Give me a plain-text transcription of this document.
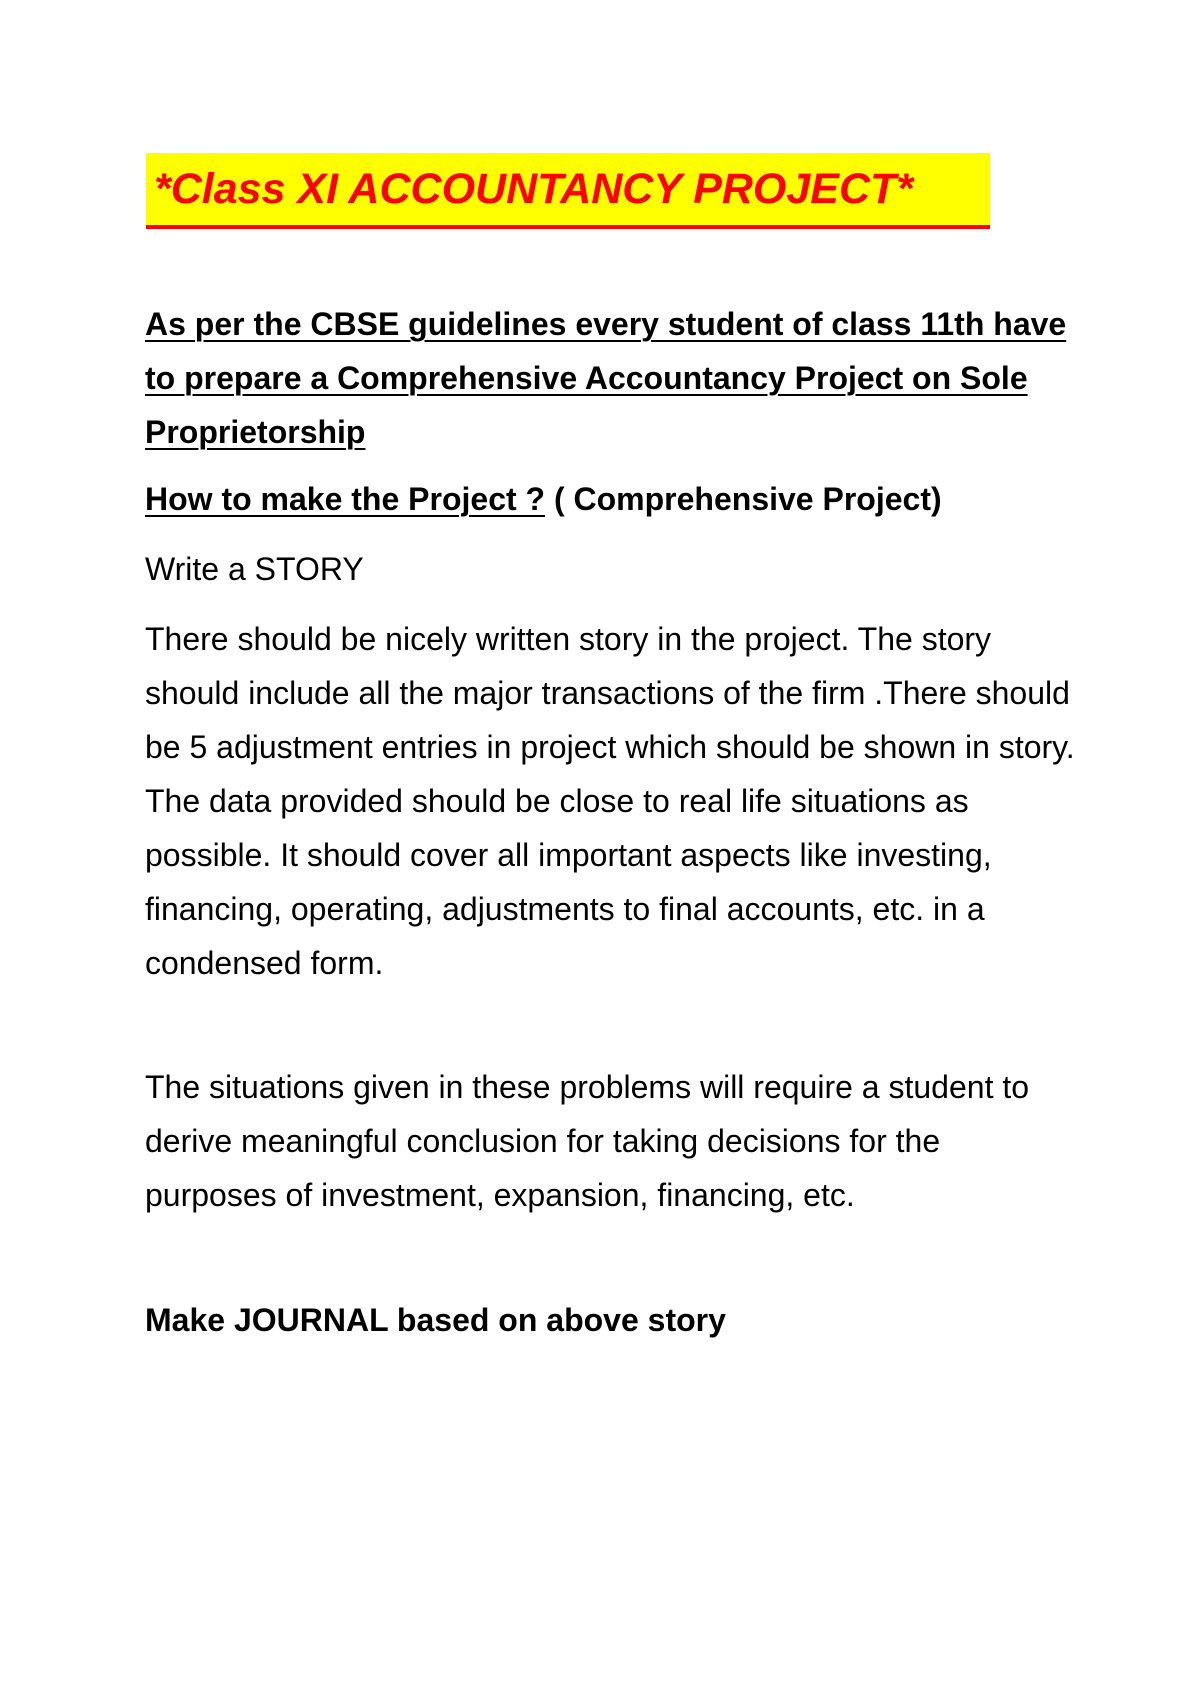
*Class XI ACCOUNTANCY PROJECT*

As per the CBSE guidelines every student of class 11th have to prepare a Comprehensive Accountancy Project on Sole Proprietorship

How to make the Project ? ( Comprehensive Project)

Write a STORY

There should be nicely written story in the project. The story should include all the major transactions of the firm .There should be 5 adjustment entries in project which should be shown in story. The data provided should be close to real life situations as possible. It should cover all important aspects like investing, financing, operating, adjustments to final accounts, etc. in a condensed form.

The situations given in these problems will require a student to derive meaningful conclusion for taking decisions for the purposes of investment, expansion, financing, etc.

Make JOURNAL based on above story
